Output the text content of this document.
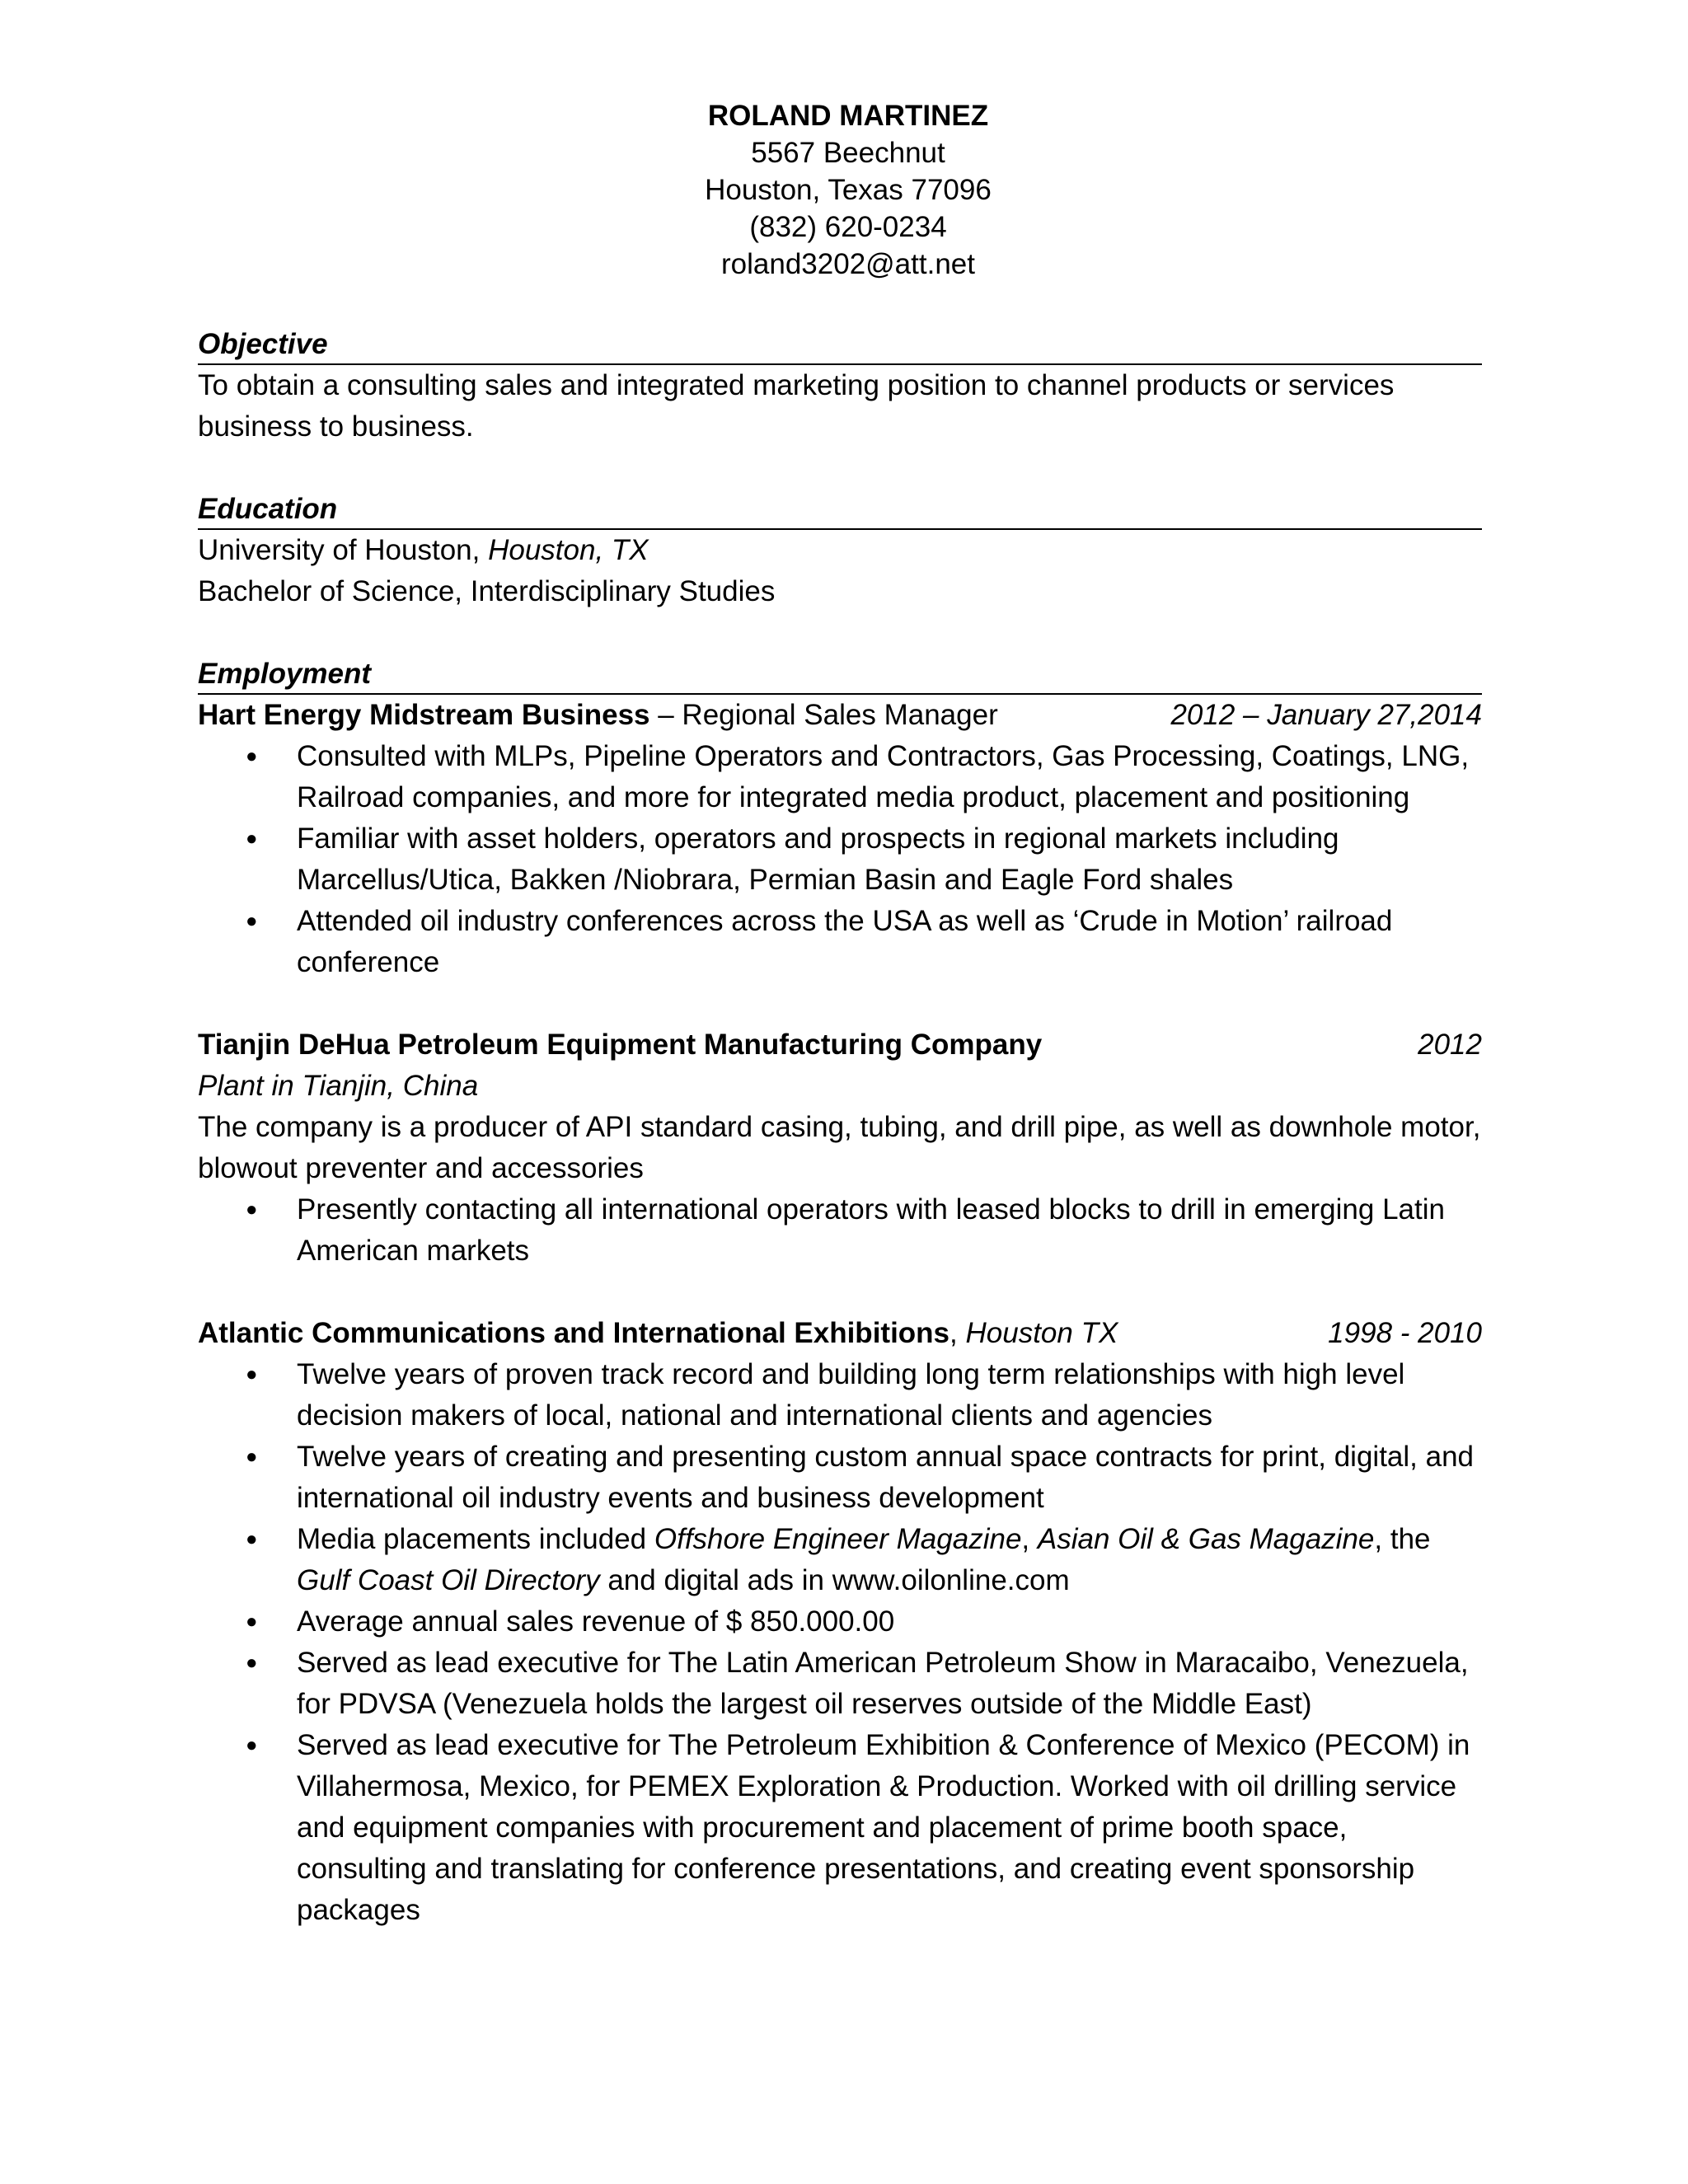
ROLAND MARTINEZ
5567 Beechnut
Houston, Texas 77096
(832) 620-0234
roland3202@att.net
Objective

To obtain a consulting sales and integrated marketing position to channel products or services business to business.

Education
University of Houston, Houston, TX
Bachelor of Science, Interdisciplinary Studies
Employment
Hart Energy Midstream Business – Regional Sales Manager	2012 – January 27,2014
● Consulted with MLPs, Pipeline Operators and Contractors, Gas Processing, Coatings, LNG, Railroad companies, and more for integrated media product, placement and positioning
● Familiar with asset holders, operators and prospects in regional markets including Marcellus/Utica, Bakken /Niobrara, Permian Basin and Eagle Ford shales
● Attended oil industry conferences across the USA as well as ‘Crude in Motion’ railroad conference
Tianjin DeHua Petroleum Equipment Manufacturing Company	2012
Plant in Tianjin, China

The company is a producer of API standard casing, tubing, and drill pipe, as well as downhole motor, blowout preventer and accessories

● Presently contacting all international operators with leased blocks to drill in emerging Latin American markets
Atlantic Communications and International Exhibitions, Houston TX	1998 - 2010
● Twelve years of proven track record and building long term relationships with high level decision makers of local, national and international clients and agencies
● Twelve years of creating and presenting custom annual space contracts for print, digital, and international oil industry events and business development
● Media placements included Offshore Engineer Magazine, Asian Oil & Gas Magazine, the Gulf Coast Oil Directory and digital ads in www.oilonline.com
● Average annual sales revenue of $ 850.000.00
● Served as lead executive for The Latin American Petroleum Show in Maracaibo, Venezuela, for PDVSA (Venezuela holds the largest oil reserves outside of the Middle East)
● Served as lead executive for The Petroleum Exhibition & Conference of Mexico (PECOM) in Villahermosa, Mexico, for PEMEX Exploration & Production. Worked with oil drilling service and equipment companies with procurement and placement of prime booth space, consulting and translating for conference presentations, and creating event sponsorship packages
